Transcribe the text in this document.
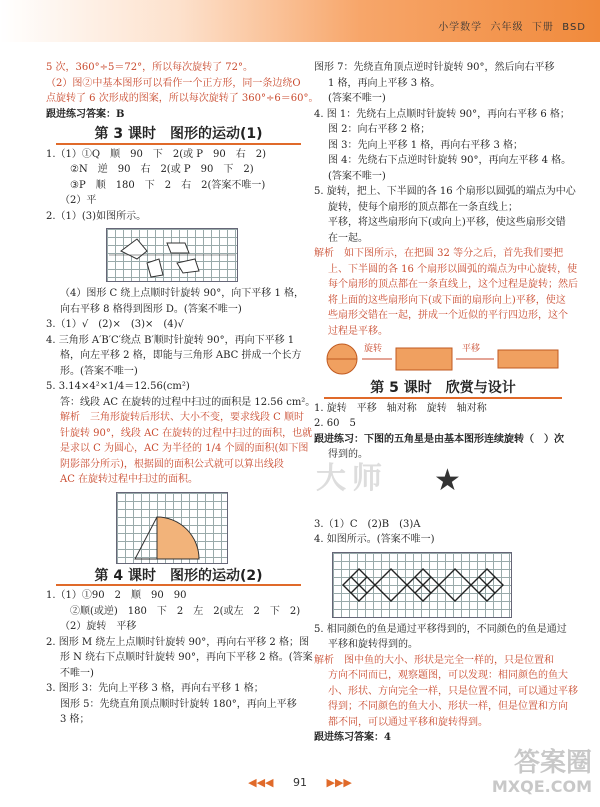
小学数学 六年级 下册 BSD
5 次，360°÷5＝72°，所以每次旋转了 72°。
（2）图②中基本图形可以看作一个正方形，同一条边绕O
点旋转了 6 次形成的图案，所以每次旋转了 360°÷6＝60°。
跟进练习答案：B
第 3 课时　图形的运动(1)
1.（1）①Q　顺　90　下　2(或 P　90　右　2)
②N　逆　90　右　2(或 P　90　下　2)
③P　顺　180　下　2　右　2(答案不唯一)
（2）平
2.（1）(3)如图所示。
（4）图形 C 绕上点顺时针旋转 90°，向下平移 1 格，
向右平移 8 格得到图形 D。(答案不唯一)
3.（1）√　(2)×　(3)×　(4)√
4. 三角形 A′B′C′绕点 B′顺时针旋转 90°，再向下平移 1
格，向左平移 2 格，即能与三角形 ABC 拼成一个长方
形。(答案不唯一)
5. 3.14×4²×1/4＝12.56(cm²)
答：线段 AC 在旋转的过程中扫过的面积是 12.56 cm²。
解析　三角形旋转后形状、大小不变，要求线段 C 顺时
针旋转 90°，线段 AC 在旋转的过程中扫过的面积，也就
是求以 C 为圆心，AC 为半径的 1/4 个圆的面积(如下图
阴影部分所示)，根据圆的面积公式就可以算出线段
AC 在旋转过程中扫过的面积。
第 4 课时　图形的运动(2)
1.（1）①90　2　顺　90　90
②顺(或逆)　180　下　2　左　2(或左　2　下　2)
（2）旋转　平移
2. 图形 M 绕左上点顺时针旋转 90°，再向右平移 2 格；图
形 N 绕右下点顺时针旋转 90°，再向下平移 2 格。(答案
不唯一)
3. 图形 3：先向上平移 3 格，再向右平移 1 格；
图形 5：先绕直角顶点顺时针旋转 180°，再向上平移
3 格；
图形 7：先绕直角顶点逆时针旋转 90°，然后向右平移
1 格，再向上平移 3 格。
(答案不唯一)
4. 图 1：先绕右上点顺时针旋转 90°，再向右平移 6 格；
图 2：向右平移 2 格；
图 3：先向上平移 1 格，再向右平移 3 格；
图 4：先绕右下点逆时针旋转 90°，再向左平移 4 格。
(答案不唯一)
5. 旋转，把上、下半圆的各 16 个扇形以圆弧的端点为中心
旋转，使每个扇形的顶点都在一条直线上；
平移，将这些扇形向下(或向上)平移，使这些扇形交错
在一起。
解析　如下图所示，在把圆 32 等分之后，首先我们要把
上、下半圆的各 16 个扇形以圆弧的端点为中心旋转，使
每个扇形的顶点都在一条直线上，这个过程是旋转；然后
将上面的这些扇形向下(或下面的扇形向上)平移，使这
些扇形交错在一起，拼成一个近似的平行四边形，这个
过程是平移。
旋转	平移
第 5 课时　欣赏与设计
1. 旋转　平移　轴对称　旋转　轴对称
2. 60　5
跟进练习：下图的五角星是由基本图形连续旋转（　）次
得到的。
大师 ★
3.（1）C　(2)B　(3)A
4. 如图所示。(答案不唯一)
5. 相同颜色的鱼是通过平移得到的，不同颜色的鱼是通过
平移和旋转得到的。
解析　图中鱼的大小、形状是完全一样的，只是位置和
方向不同而已，观察题图，可以发现：相同颜色的鱼大
小、形状、方向完全一样，只是位置不同，可以通过平移
得到；不同颜色的鱼大小、形状一样，但是位置和方向
都不同，可以通过平移和旋转得到。
跟进练习答案：4
◀◀◀ 91 ▶▶▶
答案圈
MXQE.COM
